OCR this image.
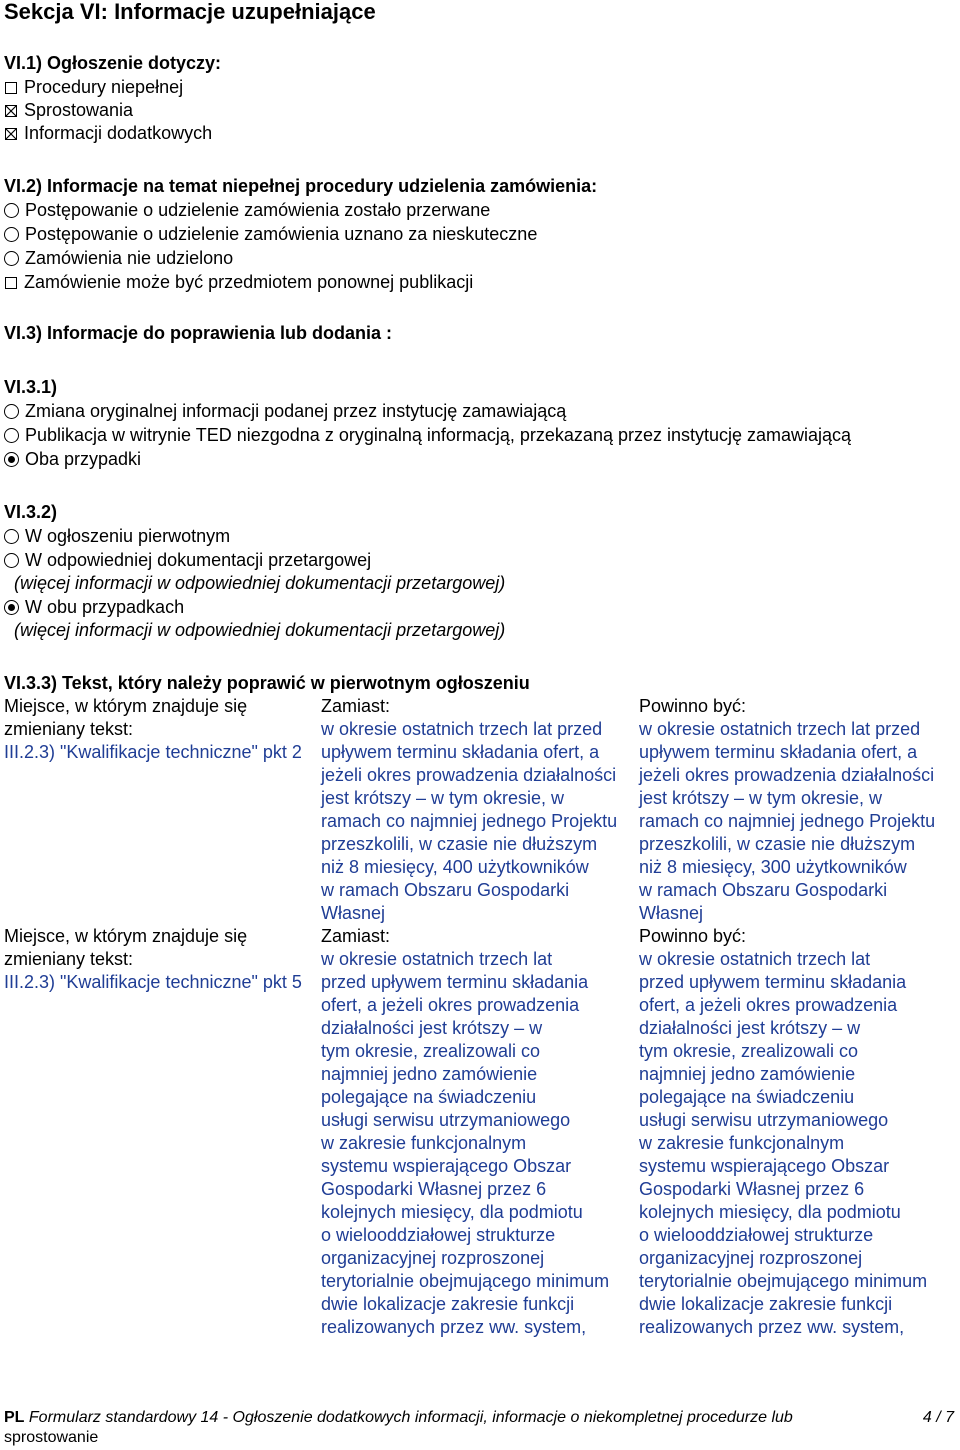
Sekcja VI: Informacje uzupełniające
VI.1) Ogłoszenie dotyczy:
Procedury niepełnej
Sprostowania
Informacji dodatkowych
VI.2) Informacje na temat niepełnej procedury udzielenia zamówienia:
Postępowanie o udzielenie zamówienia zostało przerwane
Postępowanie o udzielenie zamówienia uznano za nieskuteczne
Zamówienia nie udzielono
Zamówienie może być przedmiotem ponownej publikacji
VI.3) Informacje do poprawienia lub dodania :
VI.3.1)
Zmiana oryginalnej informacji podanej przez instytucję zamawiającą
Publikacja w witrynie TED niezgodna z oryginalną informacją, przekazaną przez instytucję zamawiającą
Oba przypadki
VI.3.2)
W ogłoszeniu pierwotnym
W odpowiedniej dokumentacji przetargowej
(więcej informacji w odpowiedniej dokumentacji przetargowej)
W obu przypadkach
(więcej informacji w odpowiedniej dokumentacji przetargowej)
VI.3.3) Tekst, który należy poprawić w pierwotnym ogłoszeniu
Miejsce, w którym znajduje się
zmieniany tekst:
III.2.3) "Kwalifikacje techniczne" pkt 2
Zamiast:
w okresie ostatnich trzech lat przed
upływem terminu składania ofert, a
jeżeli okres prowadzenia działalności
jest krótszy – w tym okresie, w
ramach co najmniej jednego Projektu
przeszkolili, w czasie nie dłuższym
niż 8 miesięcy, 400 użytkowników
w ramach Obszaru Gospodarki
Własnej
Powinno być:
w okresie ostatnich trzech lat przed
upływem terminu składania ofert, a
jeżeli okres prowadzenia działalności
jest krótszy – w tym okresie, w
ramach co najmniej jednego Projektu
przeszkolili, w czasie nie dłuższym
niż 8 miesięcy, 300 użytkowników
w ramach Obszaru Gospodarki
Własnej
Miejsce, w którym znajduje się
zmieniany tekst:
III.2.3) "Kwalifikacje techniczne" pkt 5
Zamiast:
w okresie ostatnich trzech lat
przed upływem terminu składania
ofert, a jeżeli okres prowadzenia
działalności jest krótszy – w
tym okresie, zrealizowali co
najmniej jedno zamówienie
polegające na świadczeniu
usługi serwisu utrzymaniowego
w zakresie funkcjonalnym
systemu wspierającego Obszar
Gospodarki Własnej przez 6
kolejnych miesięcy, dla podmiotu
o wielooddziałowej strukturze
organizacyjnej rozproszonej
terytorialnie obejmującego minimum
dwie lokalizacje zakresie funkcji
realizowanych przez ww. system,
Powinno być:
w okresie ostatnich trzech lat
przed upływem terminu składania
ofert, a jeżeli okres prowadzenia
działalności jest krótszy – w
tym okresie, zrealizowali co
najmniej jedno zamówienie
polegające na świadczeniu
usługi serwisu utrzymaniowego
w zakresie funkcjonalnym
systemu wspierającego Obszar
Gospodarki Własnej przez 6
kolejnych miesięcy, dla podmiotu
o wielooddziałowej strukturze
organizacyjnej rozproszonej
terytorialnie obejmującego minimum
dwie lokalizacje zakresie funkcji
realizowanych przez ww. system,
PL Formularz standardowy 14 - Ogłoszenie dodatkowych informacji, informacje o niekompletnej procedurze lub
sprostowanie
4 / 7
